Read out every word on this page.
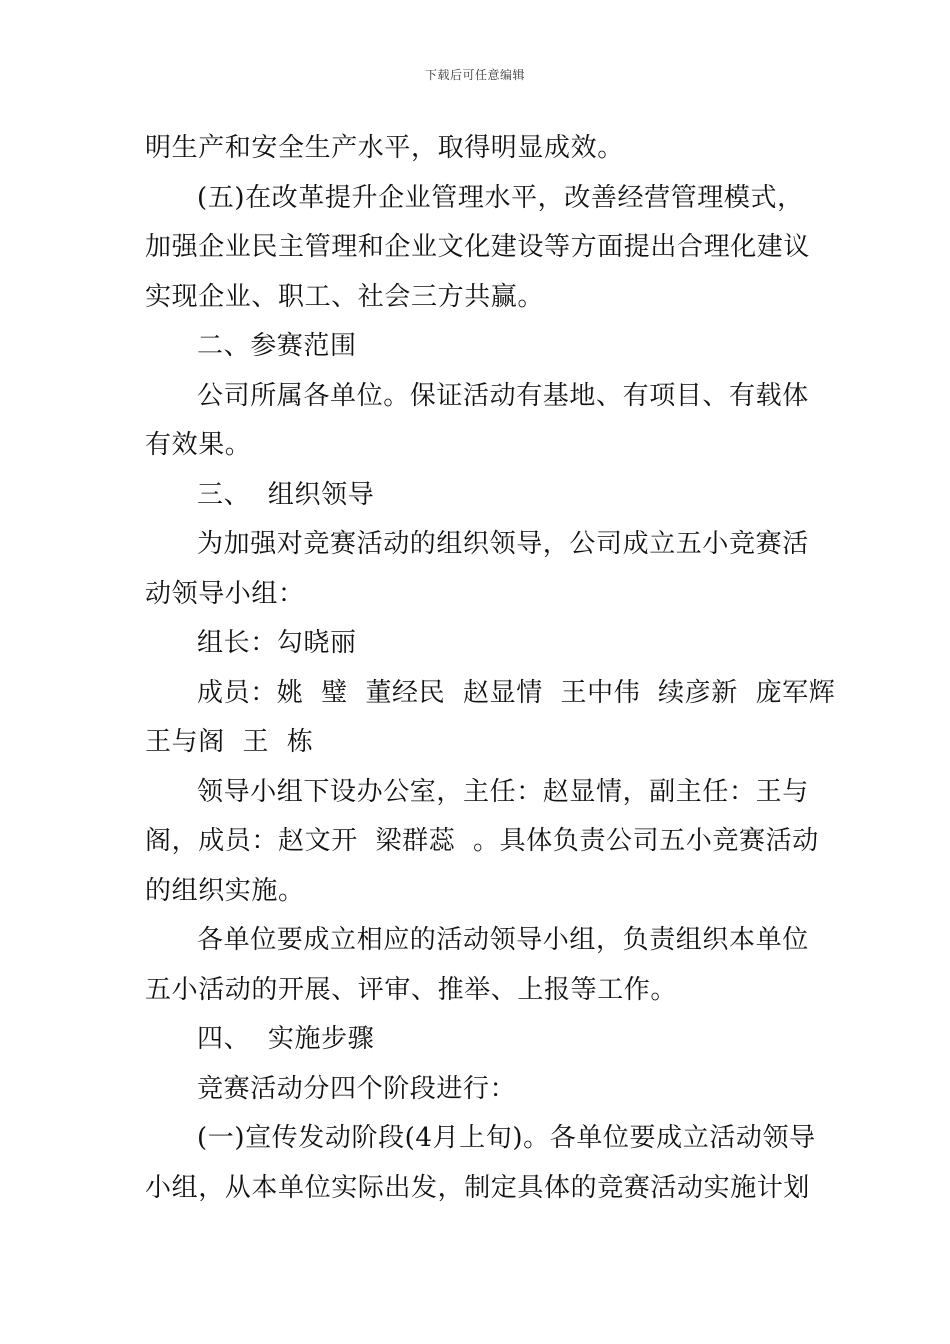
下载后可任意编辑
明生产和安全生产水平，取得明显成效。
(五)在改革提升企业管理水平，改善经营管理模式，
加强企业民主管理和企业文化建设等方面提出合理化建议
实现企业、职工、社会三方共赢。
二、参赛范围
公司所属各单位。保证活动有基地、有项目、有载体
有效果。
三、  组织领导
为加强对竞赛活动的组织领导，公司成立五小竞赛活
动领导小组：
组长：勾晓丽
成员：姚  璧  董经民  赵显情  王中伟  续彦新  庞军辉
王与阁  王  栋
领导小组下设办公室，主任：赵显情，副主任：王与
阁，成员：赵文开  梁群蕊  。具体负责公司五小竞赛活动
的组织实施。
各单位要成立相应的活动领导小组，负责组织本单位
五小活动的开展、评审、推举、上报等工作。
四、  实施步骤
竞赛活动分四个阶段进行：
(一)宣传发动阶段(4月上旬)。各单位要成立活动领导
小组，从本单位实际出发，制定具体的竞赛活动实施计划
